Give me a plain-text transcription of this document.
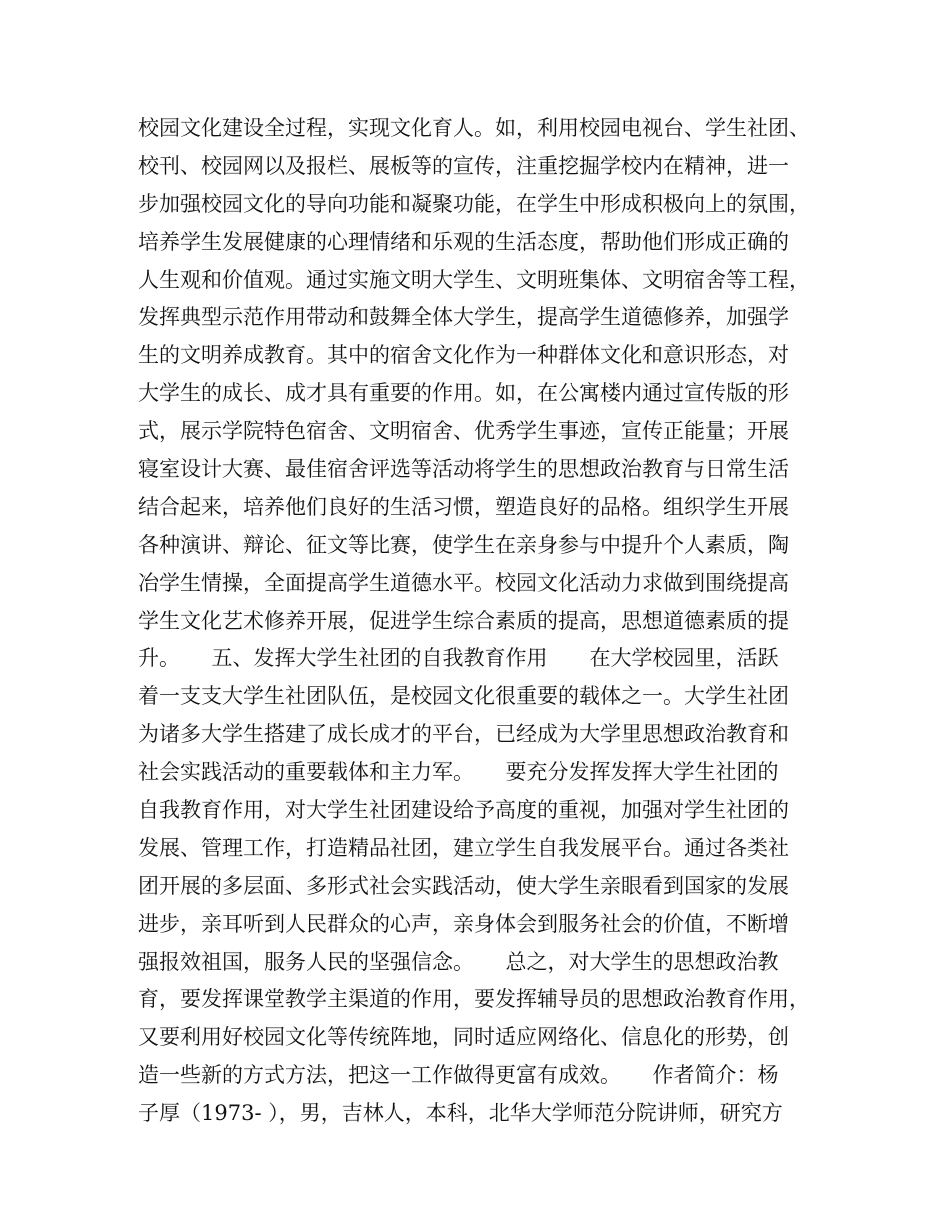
校园文化建设全过程，实现文化育人。如，利用校园电视台、学生社团、
校刊、校园网以及报栏、展板等的宣传，注重挖掘学校内在精神，进一
步加强校园文化的导向功能和凝聚功能，在学生中形成积极向上的氛围，
培养学生发展健康的心理情绪和乐观的生活态度，帮助他们形成正确的
人生观和价值观。通过实施文明大学生、文明班集体、文明宿舍等工程，
发挥典型示范作用带动和鼓舞全体大学生，提高学生道德修养，加强学
生的文明养成教育。其中的宿舍文化作为一种群体文化和意识形态，对
大学生的成长、成才具有重要的作用。如，在公寓楼内通过宣传版的形
式，展示学院特色宿舍、文明宿舍、优秀学生事迹，宣传正能量；开展
寝室设计大赛、最佳宿舍评选等活动将学生的思想政治教育与日常生活
结合起来，培养他们良好的生活习惯，塑造良好的品格。组织学生开展
各种演讲、辩论、征文等比赛，使学生在亲身参与中提升个人素质，陶
冶学生情操，全面提高学生道德水平。校园文化活动力求做到围绕提高
学生文化艺术修养开展，促进学生综合素质的提高，思想道德素质的提
升。　　五、发挥大学生社团的自我教育作用　　在大学校园里，活跃
着一支支大学生社团队伍，是校园文化很重要的载体之一。大学生社团
为诸多大学生搭建了成长成才的平台，已经成为大学里思想政治教育和
社会实践活动的重要载体和主力军。　　要充分发挥发挥大学生社团的
自我教育作用，对大学生社团建设给予高度的重视，加强对学生社团的
发展、管理工作，打造精品社团，建立学生自我发展平台。通过各类社
团开展的多层面、多形式社会实践活动，使大学生亲眼看到国家的发展
进步，亲耳听到人民群众的心声，亲身体会到服务社会的价值，不断增
强报效祖国，服务人民的坚强信念。　　总之，对大学生的思想政治教
育，要发挥课堂教学主渠道的作用，要发挥辅导员的思想政治教育作用，
又要利用好校园文化等传统阵地，同时适应网络化、信息化的形势，创
造一些新的方式方法，把这一工作做得更富有成效。　　作者简介：杨
子厚（1973- ），男，吉林人，本科，北华大学师范分院讲师，研究方
